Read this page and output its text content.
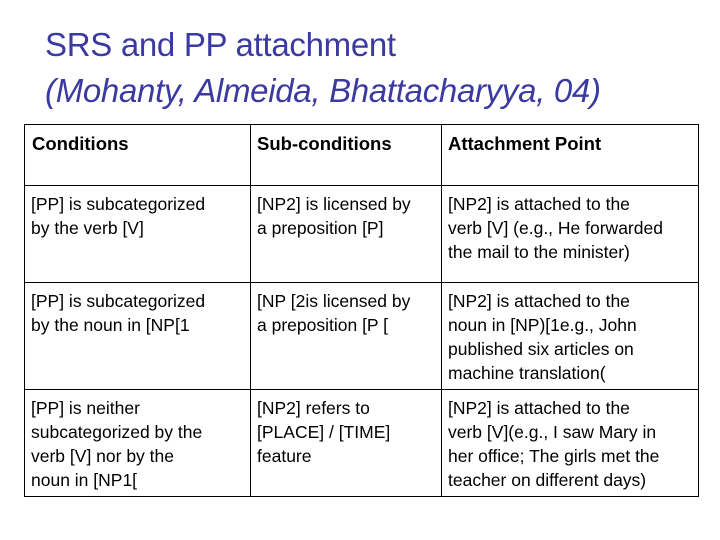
SRS and PP attachment
(Mohanty, Almeida, Bhattacharyya, 04)
Conditions	Sub-conditions	Attachment Point

[PP] is subcategorized
by the verb [V]	[NP2] is licensed by
a preposition [P]	[NP2] is attached to the
verb [V] (e.g., He forwarded
the mail to the minister)

[PP] is subcategorized
by the noun in [NP[1	[NP [2is licensed by
a preposition [P [	[NP2] is attached to the
noun in [NP)[1e.g., John
published six articles on
machine translation(

[PP] is neither
subcategorized by the
verb [V] nor by the
noun in [NP1[	[NP2] refers to
[PLACE] / [TIME]
feature	[NP2] is attached to the
verb [V](e.g., I saw Mary in
her office; The girls met the
teacher on different days)
